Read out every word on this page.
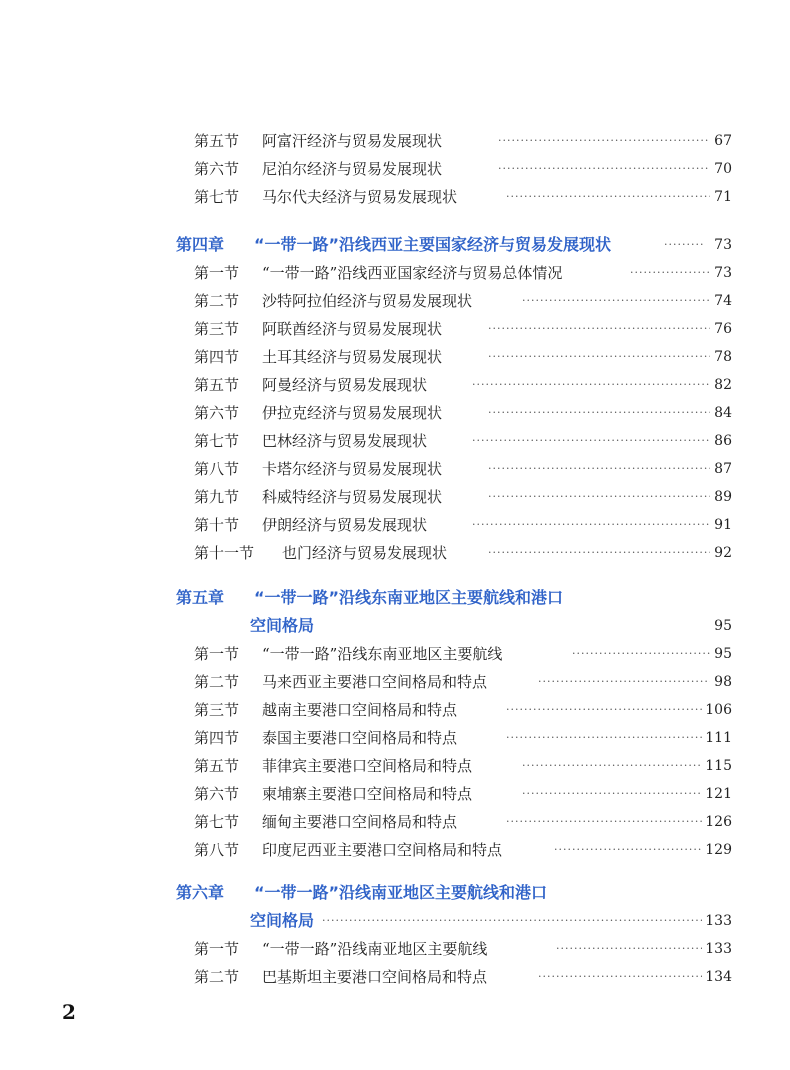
第五节 阿富汗经济与贸易发展现状 ·····	67
第六节 尼泊尔经济与贸易发展现状 ·····	70
第七节 马尔代夫经济与贸易发展现状 ·····	71
第四章 “一带一路”沿线西亚主要国家经济与贸易发展现状 ·····	73
第一节 “一带一路”沿线西亚国家经济与贸易总体情况 ·····	73
第二节 沙特阿拉伯经济与贸易发展现状 ·····	74
第三节 阿联酋经济与贸易发展现状 ·····	76
第四节 土耳其经济与贸易发展现状 ·····	78
第五节 阿曼经济与贸易发展现状 ·····	82
第六节 伊拉克经济与贸易发展现状 ·····	84
第七节 巴林经济与贸易发展现状 ·····	86
第八节 卡塔尔经济与贸易发展现状 ·····	87
第九节 科威特经济与贸易发展现状 ·····	89
第十节 伊朗经济与贸易发展现状 ·····	91
第十一节 也门经济与贸易发展现状 ·····	92
第五章 “一带一路”沿线东南亚地区主要航线和港口
空间格局	95
第一节 “一带一路”沿线东南亚地区主要航线 ·····	95
第二节 马来西亚主要港口空间格局和特点 ·····	98
第三节 越南主要港口空间格局和特点 ·····	106
第四节 泰国主要港口空间格局和特点 ·····	111
第五节 菲律宾主要港口空间格局和特点 ·····	115
第六节 柬埔寨主要港口空间格局和特点 ·····	121
第七节 缅甸主要港口空间格局和特点 ·····	126
第八节 印度尼西亚主要港口空间格局和特点 ·····	129
第六章 “一带一路”沿线南亚地区主要航线和港口
空间格局 ·····	133
第一节 “一带一路”沿线南亚地区主要航线 ·····	133
第二节 巴基斯坦主要港口空间格局和特点 ·····	134
2
